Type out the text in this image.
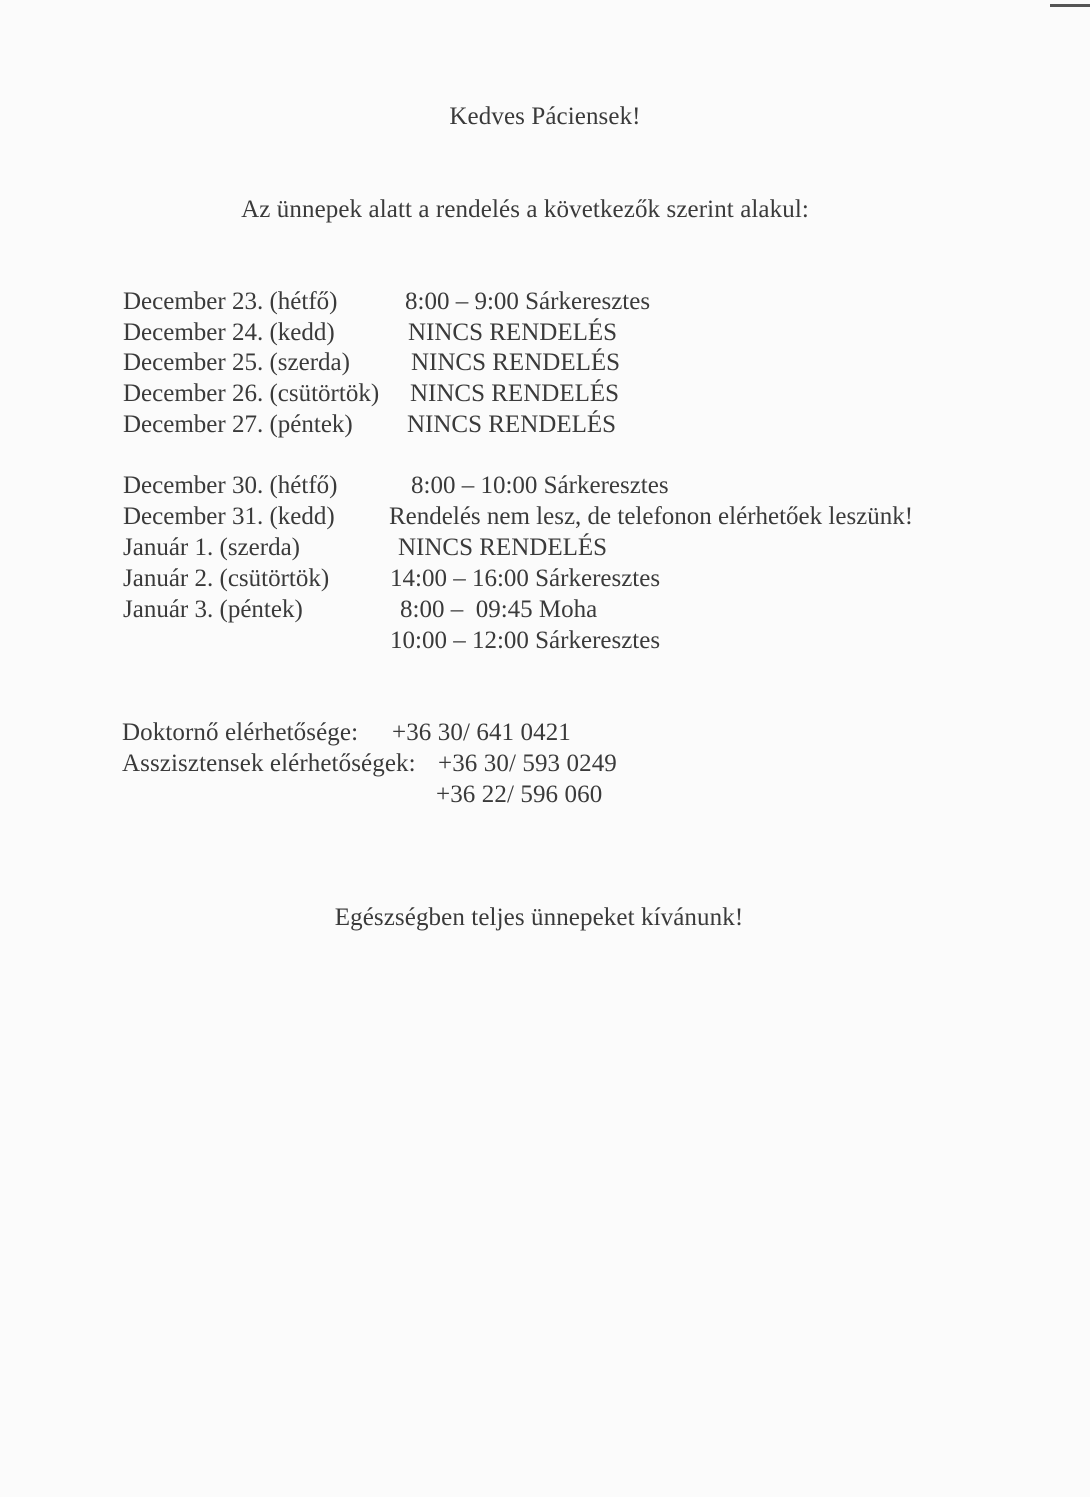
Kedves Páciensek!
Az ünnepek alatt a rendelés a következők szerint alakul:
December 23. (hétfő)	8:00 – 9:00 Sárkeresztes
December 24. (kedd)	NINCS RENDELÉS
December 25. (szerda) NINCS RENDELÉS
December 26. (csütörtök) NINCS RENDELÉS
December 27. (péntek) NINCS RENDELÉS
December 30. (hétfő)	8:00 – 10:00 Sárkeresztes
December 31. (kedd) Rendelés nem lesz, de telefonon elérhetőek leszünk!
Január 1. (szerda)	NINCS RENDELÉS
Január 2. (csütörtök) 14:00 – 16:00 Sárkeresztes
Január 3. (péntek)	8:00 –  09:45 Moha
10:00 – 12:00 Sárkeresztes
Doktornő elérhetősége: +36 30/ 641 0421
Asszisztensek elérhetőségek: +36 30/ 593 0249
+36 22/ 596 060
Egészségben teljes ünnepeket kívánunk!
